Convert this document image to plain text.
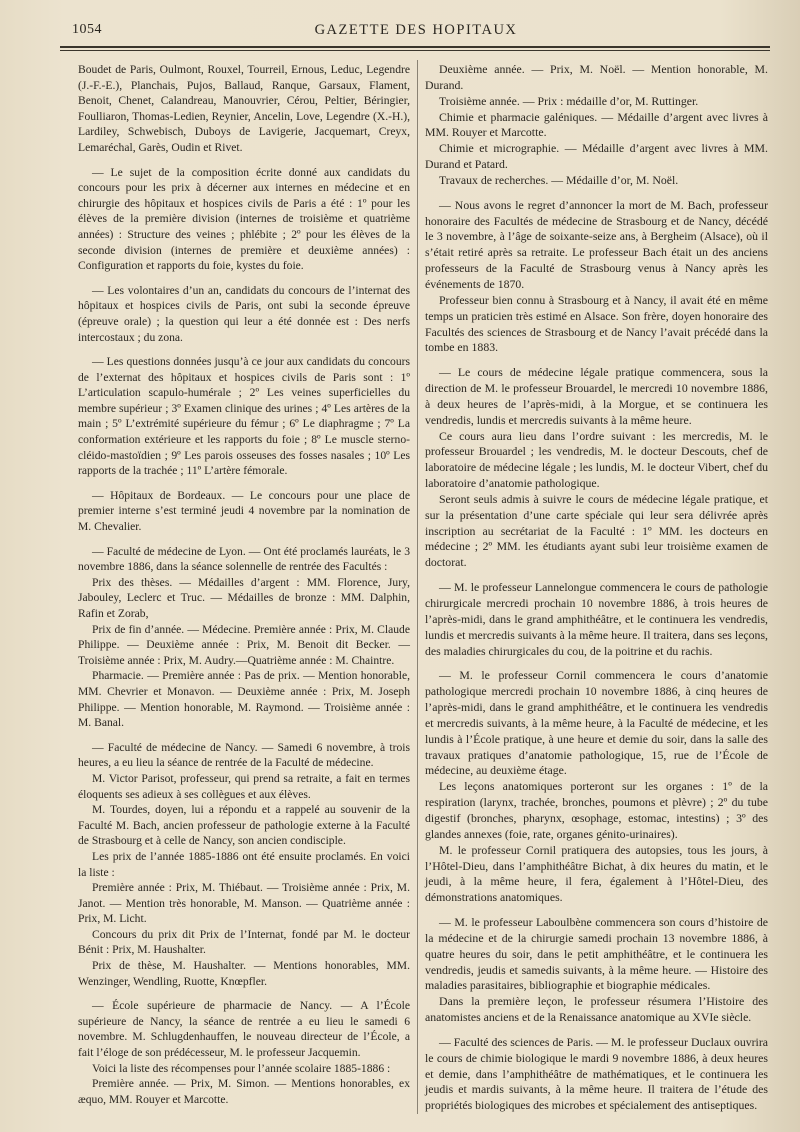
1054	GAZETTE DES HOPITAUX

Boudet de Paris, Oulmont, Rouxel, Tourreil, Ernous, Leduc, Legendre (J.-F.-E.), Planchais, Pujos, Ballaud, Ranque, Garsaux, Flament, Benoit, Chenet, Calandreau, Manouvrier, Cérou, Peltier, Béringier, Foulliaron, Thomas-Ledien, Reynier, Ancelin, Love, Legendre (X.-H.), Lardiley, Schwebisch, Duboys de Lavigerie, Jacquemart, Creyx, Lemaréchal, Garès, Oudin et Rivet.

— Le sujet de la composition écrite donné aux candidats du concours pour les prix à décerner aux internes en médecine et en chirurgie des hôpitaux et hospices civils de Paris a été : 1º pour les élèves de la première division (internes de troisième et quatrième années) : Structure des veines ; phlébite ; 2º pour les élèves de la seconde division (internes de première et deuxième années) : Configuration et rapports du foie, kystes du foie.

— Les volontaires d’un an, candidats du concours de l’internat des hôpitaux et hospices civils de Paris, ont subi la seconde épreuve (épreuve orale) ; la question qui leur a été donnée est : Des nerfs intercostaux ; du zona.

— Les questions données jusqu’à ce jour aux candidats du concours de l’externat des hôpitaux et hospices civils de Paris sont : 1º L’articulation scapulo-humérale ; 2º Les veines superficielles du membre supérieur ; 3º Examen clinique des urines ; 4º Les artères de la main ; 5º L’extrémité supérieure du fémur ; 6º Le diaphragme ; 7º La conformation extérieure et les rapports du foie ; 8º Le muscle sterno-cléido-mastoïdien ; 9º Les parois osseuses des fosses nasales ; 10º Les rapports de la trachée ; 11º L’artère fémorale.

— Hôpitaux de Bordeaux. — Le concours pour une place de premier interne s’est terminé jeudi 4 novembre par la nomination de M. Chevalier.

— Faculté de médecine de Lyon. — Ont été proclamés lauréats, le 3 novembre 1886, dans la séance solennelle de rentrée des Facultés :

Prix des thèses. — Médailles d’argent : MM. Florence, Jury, Jabouley, Leclerc et Truc. — Médailles de bronze : MM. Dalphin, Rafin et Zorab,

Prix de fin d’année. — Médecine. Première année : Prix, M. Claude Philippe. — Deuxième année : Prix, M. Benoit dit Becker. — Troisième année : Prix, M. Audry.—Quatrième année : M. Chaintre.

Pharmacie. — Première année : Pas de prix. — Mention honorable, MM. Chevrier et Monavon. — Deuxième année : Prix, M. Joseph Philippe. — Mention honorable, M. Raymond. — Troisième année : M. Banal.

— Faculté de médecine de Nancy. — Samedi 6 novembre, à trois heures, a eu lieu la séance de rentrée de la Faculté de médecine.

M. Victor Parisot, professeur, qui prend sa retraite, a fait en termes éloquents ses adieux à ses collègues et aux élèves.

M. Tourdes, doyen, lui a répondu et a rappelé au souvenir de la Faculté M. Bach, ancien professeur de pathologie externe à la Faculté de Strasbourg et à celle de Nancy, son ancien condisciple.

Les prix de l’année 1885-1886 ont été ensuite proclamés. En voici la liste :

Première année : Prix, M. Thiébaut. — Troisième année : Prix, M. Janot. — Mention très honorable, M. Manson. — Quatrième année : Prix, M. Licht.

Concours du prix dit Prix de l’Internat, fondé par M. le docteur Bénit : Prix, M. Haushalter.

Prix de thèse, M. Haushalter. — Mentions honorables, MM. Wenzinger, Wendling, Ruotte, Knœpfler.

— École supérieure de pharmacie de Nancy. — A l’École supérieure de Nancy, la séance de rentrée a eu lieu le samedi 6 novembre. M. Schlugdenhauffen, le nouveau directeur de l’École, a fait l’éloge de son prédécesseur, M. le professeur Jacquemin.

Voici la liste des récompenses pour l’année scolaire 1885-1886 :

Première année. — Prix, M. Simon. — Mentions honorables, ex æquo, MM. Rouyer et Marcotte.

Deuxième année. — Prix, M. Noël. — Mention honorable, M. Durand.

Troisième année. — Prix : médaille d’or, M. Ruttinger.

Chimie et pharmacie galéniques. — Médaille d’argent avec livres à MM. Rouyer et Marcotte.

Chimie et micrographie. — Médaille d’argent avec livres à MM. Durand et Patard.

Travaux de recherches. — Médaille d’or, M. Noël.

— Nous avons le regret d’annoncer la mort de M. Bach, professeur honoraire des Facultés de médecine de Strasbourg et de Nancy, décédé le 3 novembre, à l’âge de soixante-seize ans, à Bergheim (Alsace), où il s’était retiré après sa retraite. Le professeur Bach était un des anciens professeurs de la Faculté de Strasbourg venus à Nancy après les événements de 1870.

Professeur bien connu à Strasbourg et à Nancy, il avait été en même temps un praticien très estimé en Alsace. Son frère, doyen honoraire des Facultés des sciences de Strasbourg et de Nancy l’avait précédé dans la tombe en 1883.

— Le cours de médecine légale pratique commencera, sous la direction de M. le professeur Brouardel, le mercredi 10 novembre 1886, à deux heures de l’après-midi, à la Morgue, et se continuera les vendredis, lundis et mercredis suivants à la même heure.

Ce cours aura lieu dans l’ordre suivant : les mercredis, M. le professeur Brouardel ; les vendredis, M. le docteur Descouts, chef de laboratoire de médecine légale ; les lundis, M. le docteur Vibert, chef du laboratoire d’anatomie pathologique.

Seront seuls admis à suivre le cours de médecine légale pratique, et sur la présentation d’une carte spéciale qui leur sera délivrée après inscription au secrétariat de la Faculté : 1º MM. les docteurs en médecine ; 2º MM. les étudiants ayant subi leur troisième examen de doctorat.

— M. le professeur Lannelongue commencera le cours de pathologie chirurgicale mercredi prochain 10 novembre 1886, à trois heures de l’après-midi, dans le grand amphithéâtre, et le continuera les vendredis, lundis et mercredis suivants à la même heure. Il traitera, dans ses leçons, des maladies chirurgicales du cou, de la poitrine et du rachis.

— M. le professeur Cornil commencera le cours d’anatomie pathologique mercredi prochain 10 novembre 1886, à cinq heures de l’après-midi, dans le grand amphithéâtre, et le continuera les vendredis et mercredis suivants, à la même heure, à la Faculté de médecine, et les lundis à l’École pratique, à une heure et demie du soir, dans la salle des travaux pratiques d’anatomie pathologique, 15, rue de l’École de médecine, au deuxième étage.

Les leçons anatomiques porteront sur les organes : 1º de la respiration (larynx, trachée, bronches, poumons et plèvre) ; 2º du tube digestif (bronches, pharynx, œsophage, estomac, intestins) ; 3º des glandes annexes (foie, rate, organes génito-urinaires).

M. le professeur Cornil pratiquera des autopsies, tous les jours, à l’Hôtel-Dieu, dans l’amphithéâtre Bichat, à dix heures du matin, et le jeudi, à la même heure, il fera, également à l’Hôtel-Dieu, des démonstrations anatomiques.

— M. le professeur Laboulbène commencera son cours d’histoire de la médecine et de la chirurgie samedi prochain 13 novembre 1886, à quatre heures du soir, dans le petit amphithéâtre, et le continuera les vendredis, jeudis et samedis suivants, à la même heure. — Histoire des maladies parasitaires, bibliographie et biographie médicales.

Dans la première leçon, le professeur résumera l’Histoire des anatomistes anciens et de la Renaissance anatomique au XVIe siècle.

— Faculté des sciences de Paris. — M. le professeur Duclaux ouvrira le cours de chimie biologique le mardi 9 novembre 1886, à deux heures et demie, dans l’amphithéâtre de mathématiques, et le continuera les jeudis et mardis suivants, à la même heure. Il traitera de l’étude des propriétés biologiques des microbes et spécialement des antiseptiques.
